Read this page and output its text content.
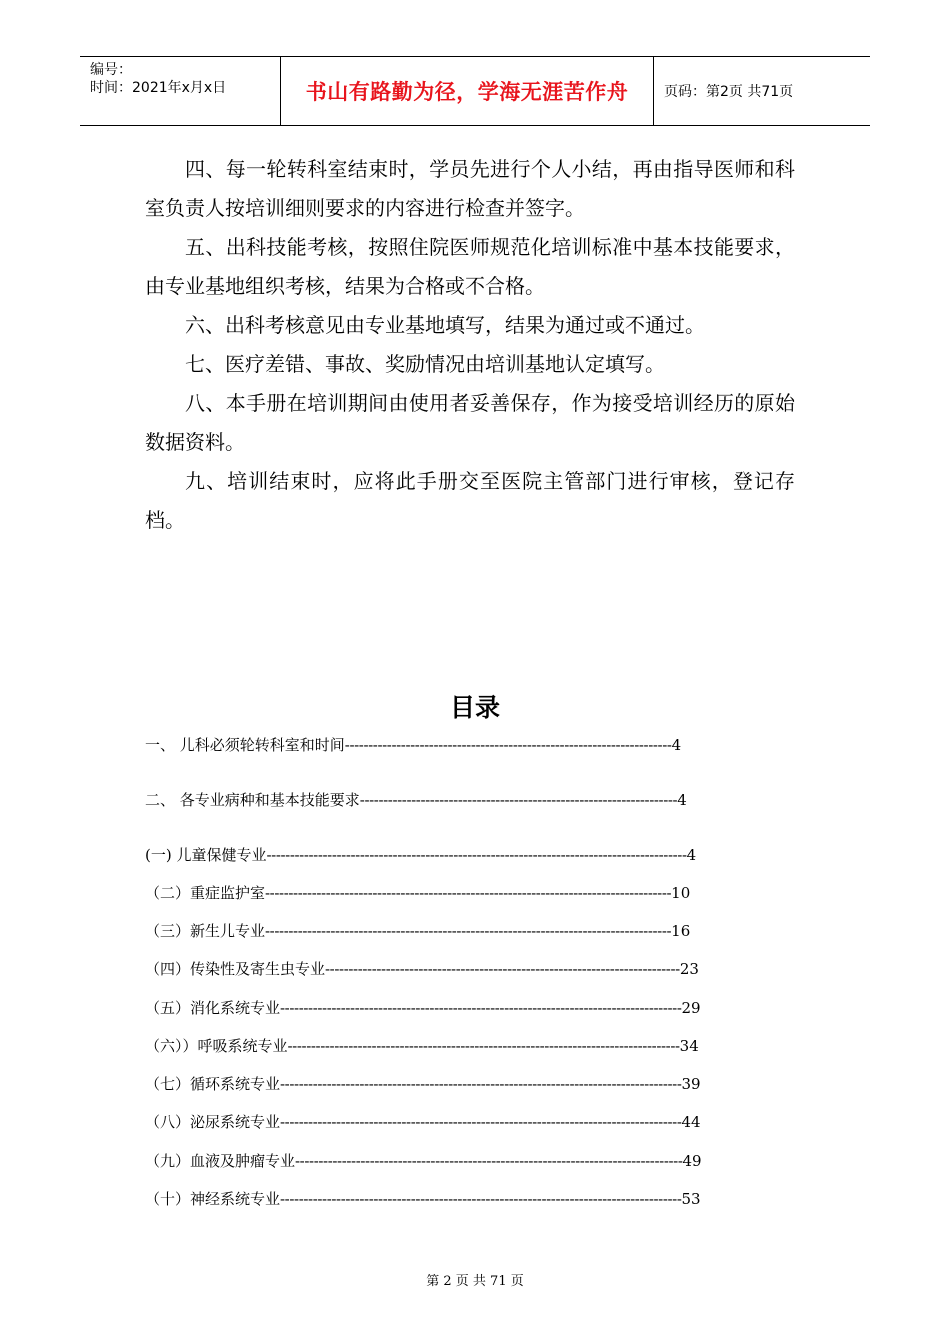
编号：
时间：2021年x月x日	书山有路勤为径，学海无涯苦作舟	页码：第2页 共71页

四、每一轮转科室结束时，学员先进行个人小结，再由指导医师和科室负责人按培训细则要求的内容进行检查并签字。

五、出科技能考核，按照住院医师规范化培训标准中基本技能要求，由专业基地组织考核，结果为合格或不合格。

六、出科考核意见由专业基地填写，结果为通过或不通过。

七、医疗差错、事故、奖励情况由培训基地认定填写。

八、本手册在培训期间由使用者妥善保存，作为接受培训经历的原始数据资料。

九、培训结束时，应将此手册交至医院主管部门进行审核，登记存档。

目录
一、 儿科必须轮转科室和时间----------------------------------------------------------------------4
二、 各专业病种和基本技能要求--------------------------------------------------------------------4
(一) 儿童保健专业------------------------------------------------------------------------------------------4
（二）重症监护室---------------------------------------------------------------------------------------10
（三）新生儿专业---------------------------------------------------------------------------------------16
（四）传染性及寄生虫专业----------------------------------------------------------------------------23
（五）消化系统专业--------------------------------------------------------------------------------------29
（六））呼吸系统专业------------------------------------------------------------------------------------34
（七）循环系统专业--------------------------------------------------------------------------------------39
（八）泌尿系统专业--------------------------------------------------------------------------------------44
（九）血液及肿瘤专业-----------------------------------------------------------------------------------49
（十）神经系统专业--------------------------------------------------------------------------------------53
第 2 页 共 71 页
